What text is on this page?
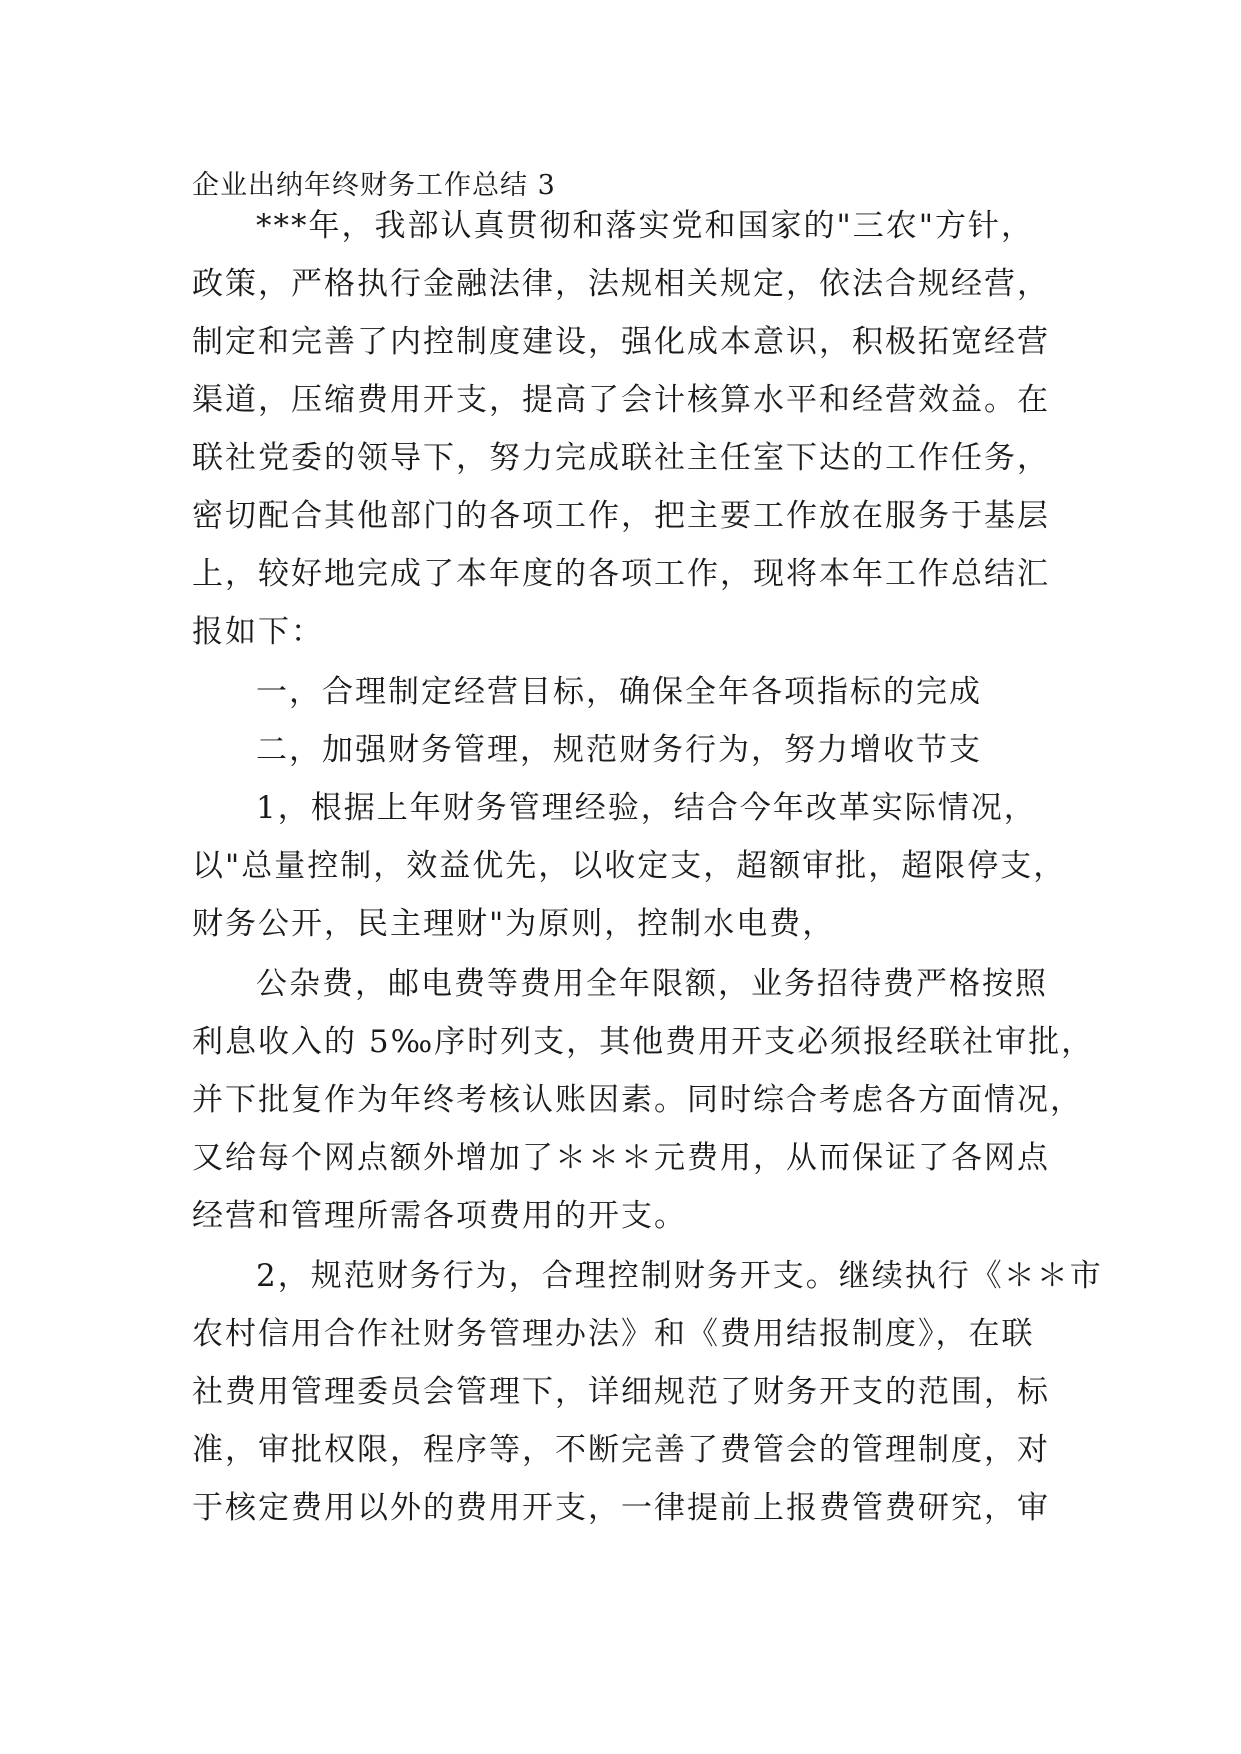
企业出纳年终财务工作总结 3
***年，我部认真贯彻和落实党和国家的"三农"方针，
政策，严格执行金融法律，法规相关规定，依法合规经营，
制定和完善了内控制度建设，强化成本意识，积极拓宽经营
渠道，压缩费用开支，提高了会计核算水平和经营效益。在
联社党委的领导下，努力完成联社主任室下达的工作任务，
密切配合其他部门的各项工作，把主要工作放在服务于基层
上，较好地完成了本年度的各项工作，现将本年工作总结汇
报如下：
一，合理制定经营目标，确保全年各项指标的完成
二，加强财务管理，规范财务行为，努力增收节支
1，根据上年财务管理经验，结合今年改革实际情况，
以"总量控制，效益优先，以收定支，超额审批，超限停支，
财务公开，民主理财"为原则，控制水电费，
公杂费，邮电费等费用全年限额，业务招待费严格按照
利息收入的 5‰序时列支，其他费用开支必须报经联社审批，
并下批复作为年终考核认账因素。同时综合考虑各方面情况，
又给每个网点额外增加了＊＊＊元费用，从而保证了各网点
经营和管理所需各项费用的开支。
2，规范财务行为，合理控制财务开支。继续执行《＊＊市
农村信用合作社财务管理办法》和《费用结报制度》，在联
社费用管理委员会管理下，详细规范了财务开支的范围，标
准，审批权限，程序等，不断完善了费管会的管理制度，对
于核定费用以外的费用开支，一律提前上报费管费研究，审
